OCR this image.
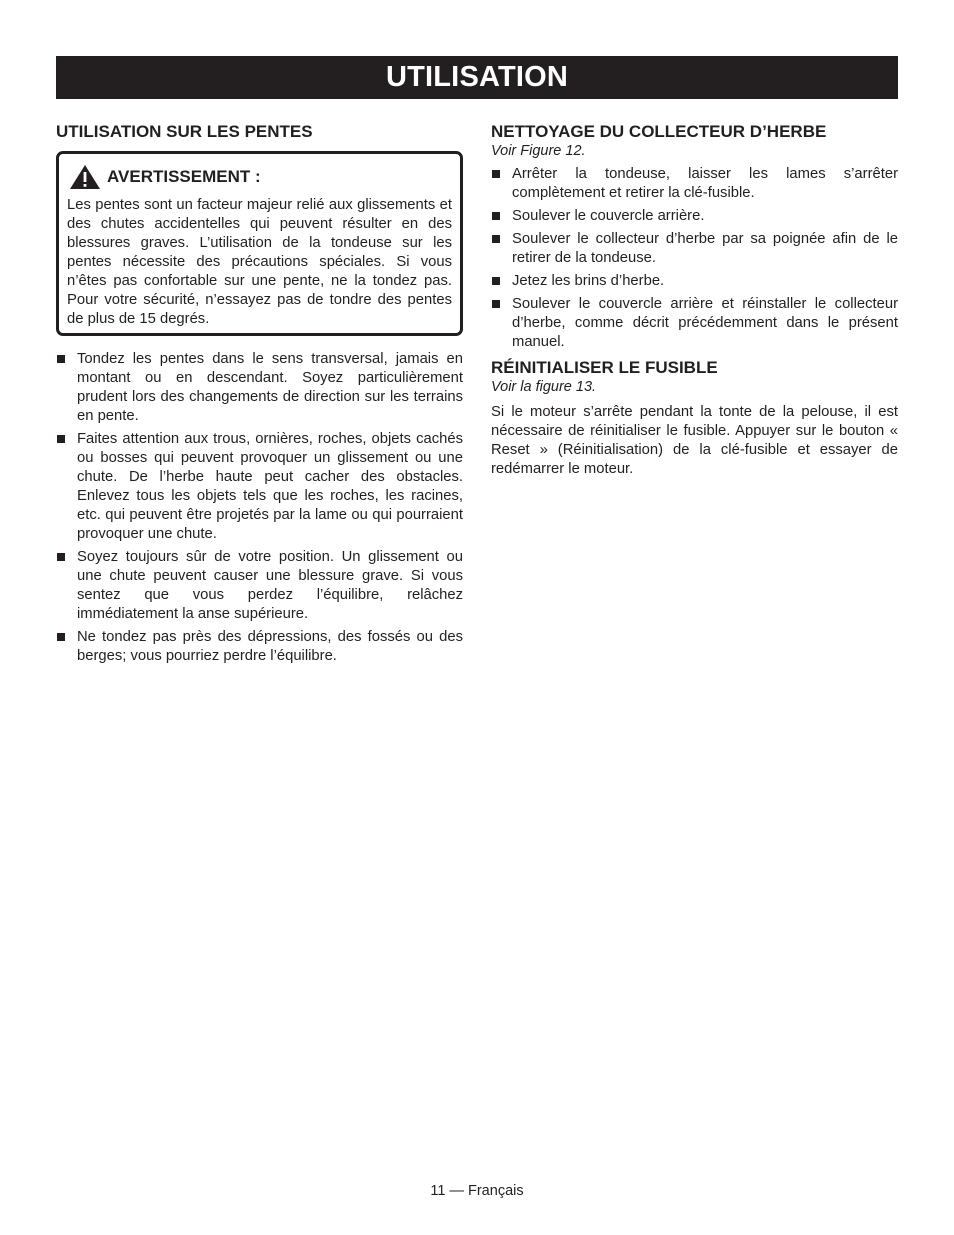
UTILISATION
UTILISATION SUR LES PENTES
AVERTISSEMENT :

Les pentes sont un facteur majeur relié aux glissements et des chutes accidentelles qui peuvent résulter en des blessures graves. L’utilisation de la tondeuse sur les pentes nécessite des précautions spéciales. Si vous n’êtes pas confortable sur une pente, ne la tondez pas. Pour votre sécurité, n’essayez pas de tondre des pentes de plus de 15 degrés.

Tondez les pentes dans le sens transversal, jamais en montant ou en descendant. Soyez particulièrement prudent lors des changements de direction sur les terrains en pente.
Faites attention aux trous, ornières, roches, objets cachés ou bosses qui peuvent provoquer un glissement ou une chute. De l’herbe haute peut cacher des obstacles. Enlevez tous les objets tels que les roches, les racines, etc. qui peuvent être projetés par la lame ou qui pourraient provoquer une chute.
Soyez toujours sûr de votre position. Un glissement ou une chute peuvent causer une blessure grave. Si vous sentez que vous perdez l’équilibre, relâchez immédiatement la anse supérieure.
Ne tondez pas près des dépressions, des fossés ou des berges; vous pourriez perdre l’équilibre.
NETTOYAGE DU COLLECTEUR D’HERBE

Voir Figure 12.

Arrêter la tondeuse, laisser les lames s’arrêter complètement et retirer la clé-fusible.
Soulever le couvercle arrière.
Soulever le collecteur d’herbe par sa poignée afin de le retirer de la tondeuse.
Jetez les brins d’herbe.
Soulever le couvercle arrière et réinstaller le collecteur d’herbe, comme décrit précédemment dans le présent manuel.
RÉINITIALISER LE FUSIBLE

Voir la figure 13.

Si le moteur s’arrête pendant la tonte de la pelouse, il est nécessaire de réinitialiser le fusible. Appuyer sur le bouton « Reset » (Réinitialisation) de la clé-fusible et essayer de redémarrer le moteur.

11 — Français
